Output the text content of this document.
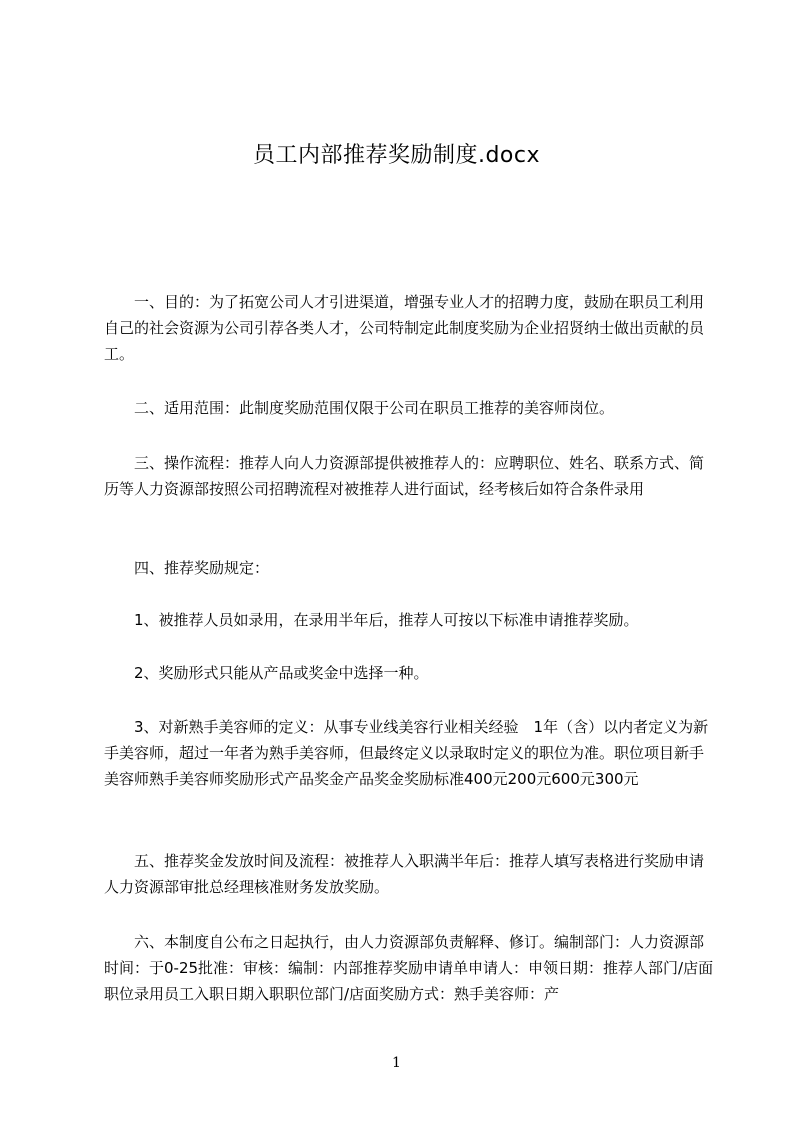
员工内部推荐奖励制度.docx

　　一、目的：为了拓宽公司人才引进渠道，增强专业人才的招聘力度，鼓励在职员工利用自己的社会资源为公司引荐各类人才，公司特制定此制度奖励为企业招贤纳士做出贡献的员工。

　　二、适用范围：此制度奖励范围仅限于公司在职员工推荐的美容师岗位。

　　三、操作流程：推荐人向人力资源部提供被推荐人的：应聘职位、姓名、联系方式、简历等人力资源部按照公司招聘流程对被推荐人进行面试，经考核后如符合条件录用

　　四、推荐奖励规定：

　　1、被推荐人员如录用，在录用半年后，推荐人可按以下标准申请推荐奖励。

　　2、奖励形式只能从产品或奖金中选择一种。

　　3、对新熟手美容师的定义：从事专业线美容行业相关经验　1年（含）以内者定义为新手美容师，超过一年者为熟手美容师，但最终定义以录取时定义的职位为准。职位项目新手美容师熟手美容师奖励形式产品奖金产品奖金奖励标准400元200元600元300元

　　五、推荐奖金发放时间及流程：被推荐人入职满半年后：推荐人填写表格进行奖励申请人力资源部审批总经理核准财务发放奖励。

　　六、本制度自公布之日起执行，由人力资源部负责解释、修订。编制部门：人力资源部时间：于0-25批准：审核：编制：内部推荐奖励申请单申请人：申领日期：推荐人部门/店面职位录用员工入职日期入职职位部门/店面奖励方式：熟手美容师：产

1
